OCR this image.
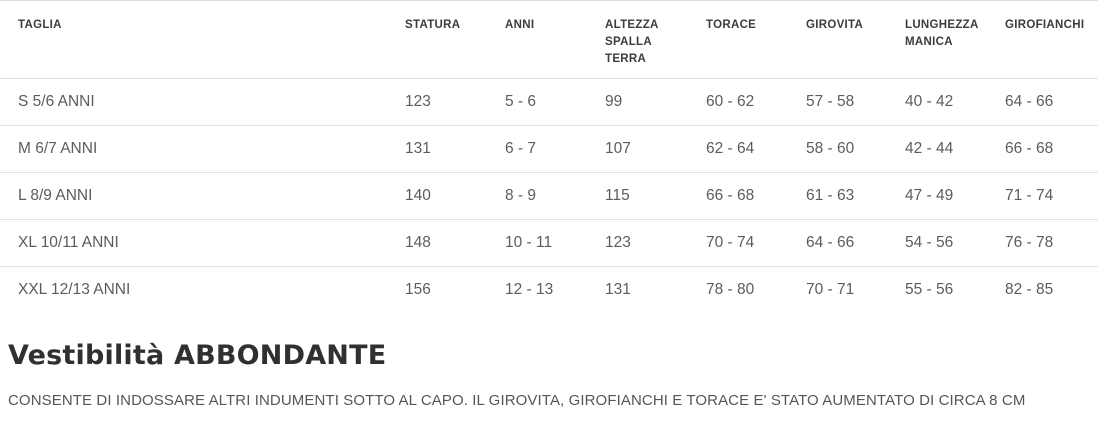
TAGLIA	STATURA	ANNI	ALTEZZA SPALLA TERRA	TORACE	GIROVITA	LUNGHEZZA MANICA	GIROFIANCHI
S 5/6 ANNI	123	5 - 6	99	60 - 62	57 - 58	40 - 42	64 - 66
M 6/7 ANNI	131	6 - 7	107	62 - 64	58 - 60	42 - 44	66 - 68
L 8/9 ANNI	140	8 - 9	115	66 - 68	61 - 63	47 - 49	71 - 74
XL 10/11 ANNI	148	10 - 11	123	70 - 74	64 - 66	54 - 56	76 - 78
XXL 12/13 ANNI	156	12 - 13	131	78 - 80	70 - 71	55 - 56	82 - 85
Vestibilità ABBONDANTE

CONSENTE DI INDOSSARE ALTRI INDUMENTI SOTTO AL CAPO. IL GIROVITA, GIROFIANCHI E TORACE E' STATO AUMENTATO DI CIRCA 8 CM
